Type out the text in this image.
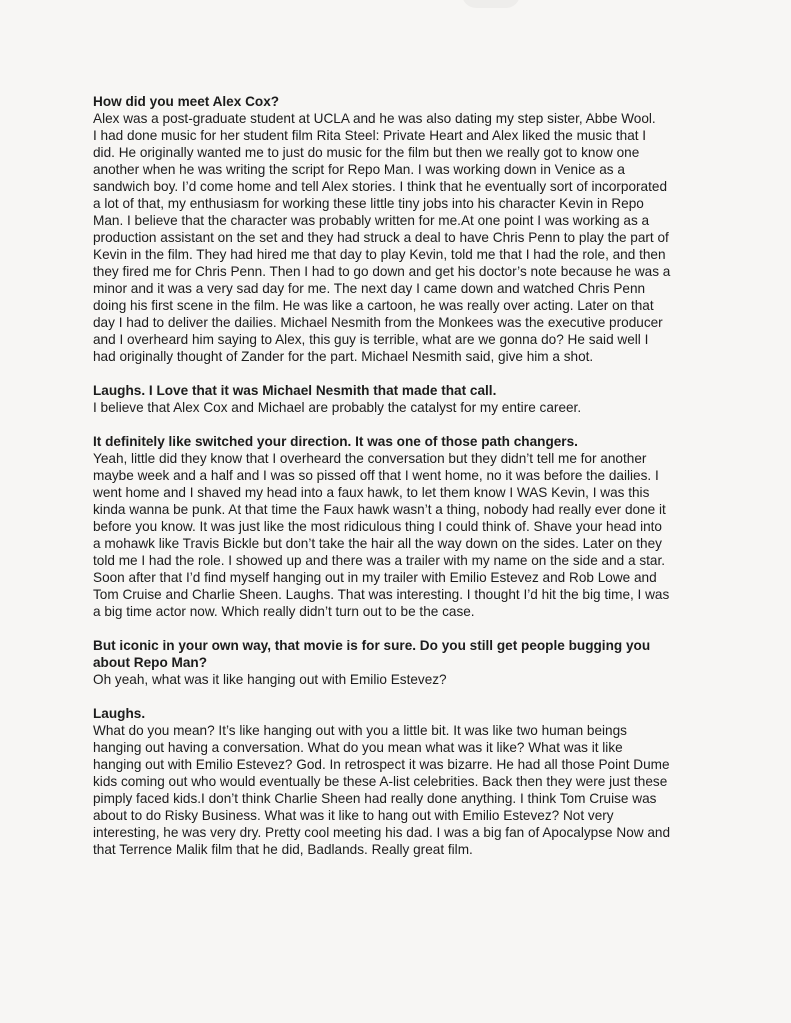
How did you meet Alex Cox?

Alex was a post-graduate student at UCLA and he was also dating my step sister, Abbe Wool.
I had done music for her student film Rita Steel: Private Heart and Alex liked the music that I
did. He originally wanted me to just do music for the film but then we really got to know one
another when he was writing the script for Repo Man. I was working down in Venice as a
sandwich boy. I’d come home and tell Alex stories. I think that he eventually sort of incorporated
a lot of that, my enthusiasm for working these little tiny jobs into his character Kevin in Repo
Man. I believe that the character was probably written for me.At one point I was working as a
production assistant on the set and they had struck a deal to have Chris Penn to play the part of
Kevin in the film. They had hired me that day to play Kevin, told me that I had the role, and then
they fired me for Chris Penn. Then I had to go down and get his doctor’s note because he was a
minor and it was a very sad day for me. The next day I came down and watched Chris Penn
doing his first scene in the film. He was like a cartoon, he was really over acting. Later on that
day I had to deliver the dailies. Michael Nesmith from the Monkees was the executive producer
and I overheard him saying to Alex, this guy is terrible, what are we gonna do? He said well I
had originally thought of Zander for the part. Michael Nesmith said, give him a shot.

Laughs. I Love that it was Michael Nesmith that made that call.

I believe that Alex Cox and Michael are probably the catalyst for my entire career.

It definitely like switched your direction. It was one of those path changers.

Yeah, little did they know that I overheard the conversation but they didn’t tell me for another
maybe week and a half and I was so pissed off that I went home, no it was before the dailies. I
went home and I shaved my head into a faux hawk, to let them know I WAS Kevin, I was this
kinda wanna be punk. At that time the Faux hawk wasn’t a thing, nobody had really ever done it
before you know. It was just like the most ridiculous thing I could think of. Shave your head into
a mohawk like Travis Bickle but don’t take the hair all the way down on the sides. Later on they
told me I had the role. I showed up and there was a trailer with my name on the side and a star.
Soon after that I’d find myself hanging out in my trailer with Emilio Estevez and Rob Lowe and
Tom Cruise and Charlie Sheen. Laughs. That was interesting. I thought I’d hit the big time, I was
a big time actor now. Which really didn’t turn out to be the case.

But iconic in your own way, that movie is for sure. Do you still get people bugging you
about Repo Man?

Oh yeah, what was it like hanging out with Emilio Estevez?

Laughs.

What do you mean? It’s like hanging out with you a little bit. It was like two human beings
hanging out having a conversation. What do you mean what was it like? What was it like
hanging out with Emilio Estevez? God. In retrospect it was bizarre. He had all those Point Dume
kids coming out who would eventually be these A-list celebrities. Back then they were just these
pimply faced kids.I don’t think Charlie Sheen had really done anything. I think Tom Cruise was
about to do Risky Business. What was it like to hang out with Emilio Estevez? Not very
interesting, he was very dry. Pretty cool meeting his dad. I was a big fan of Apocalypse Now and
that Terrence Malik film that he did, Badlands. Really great film.
